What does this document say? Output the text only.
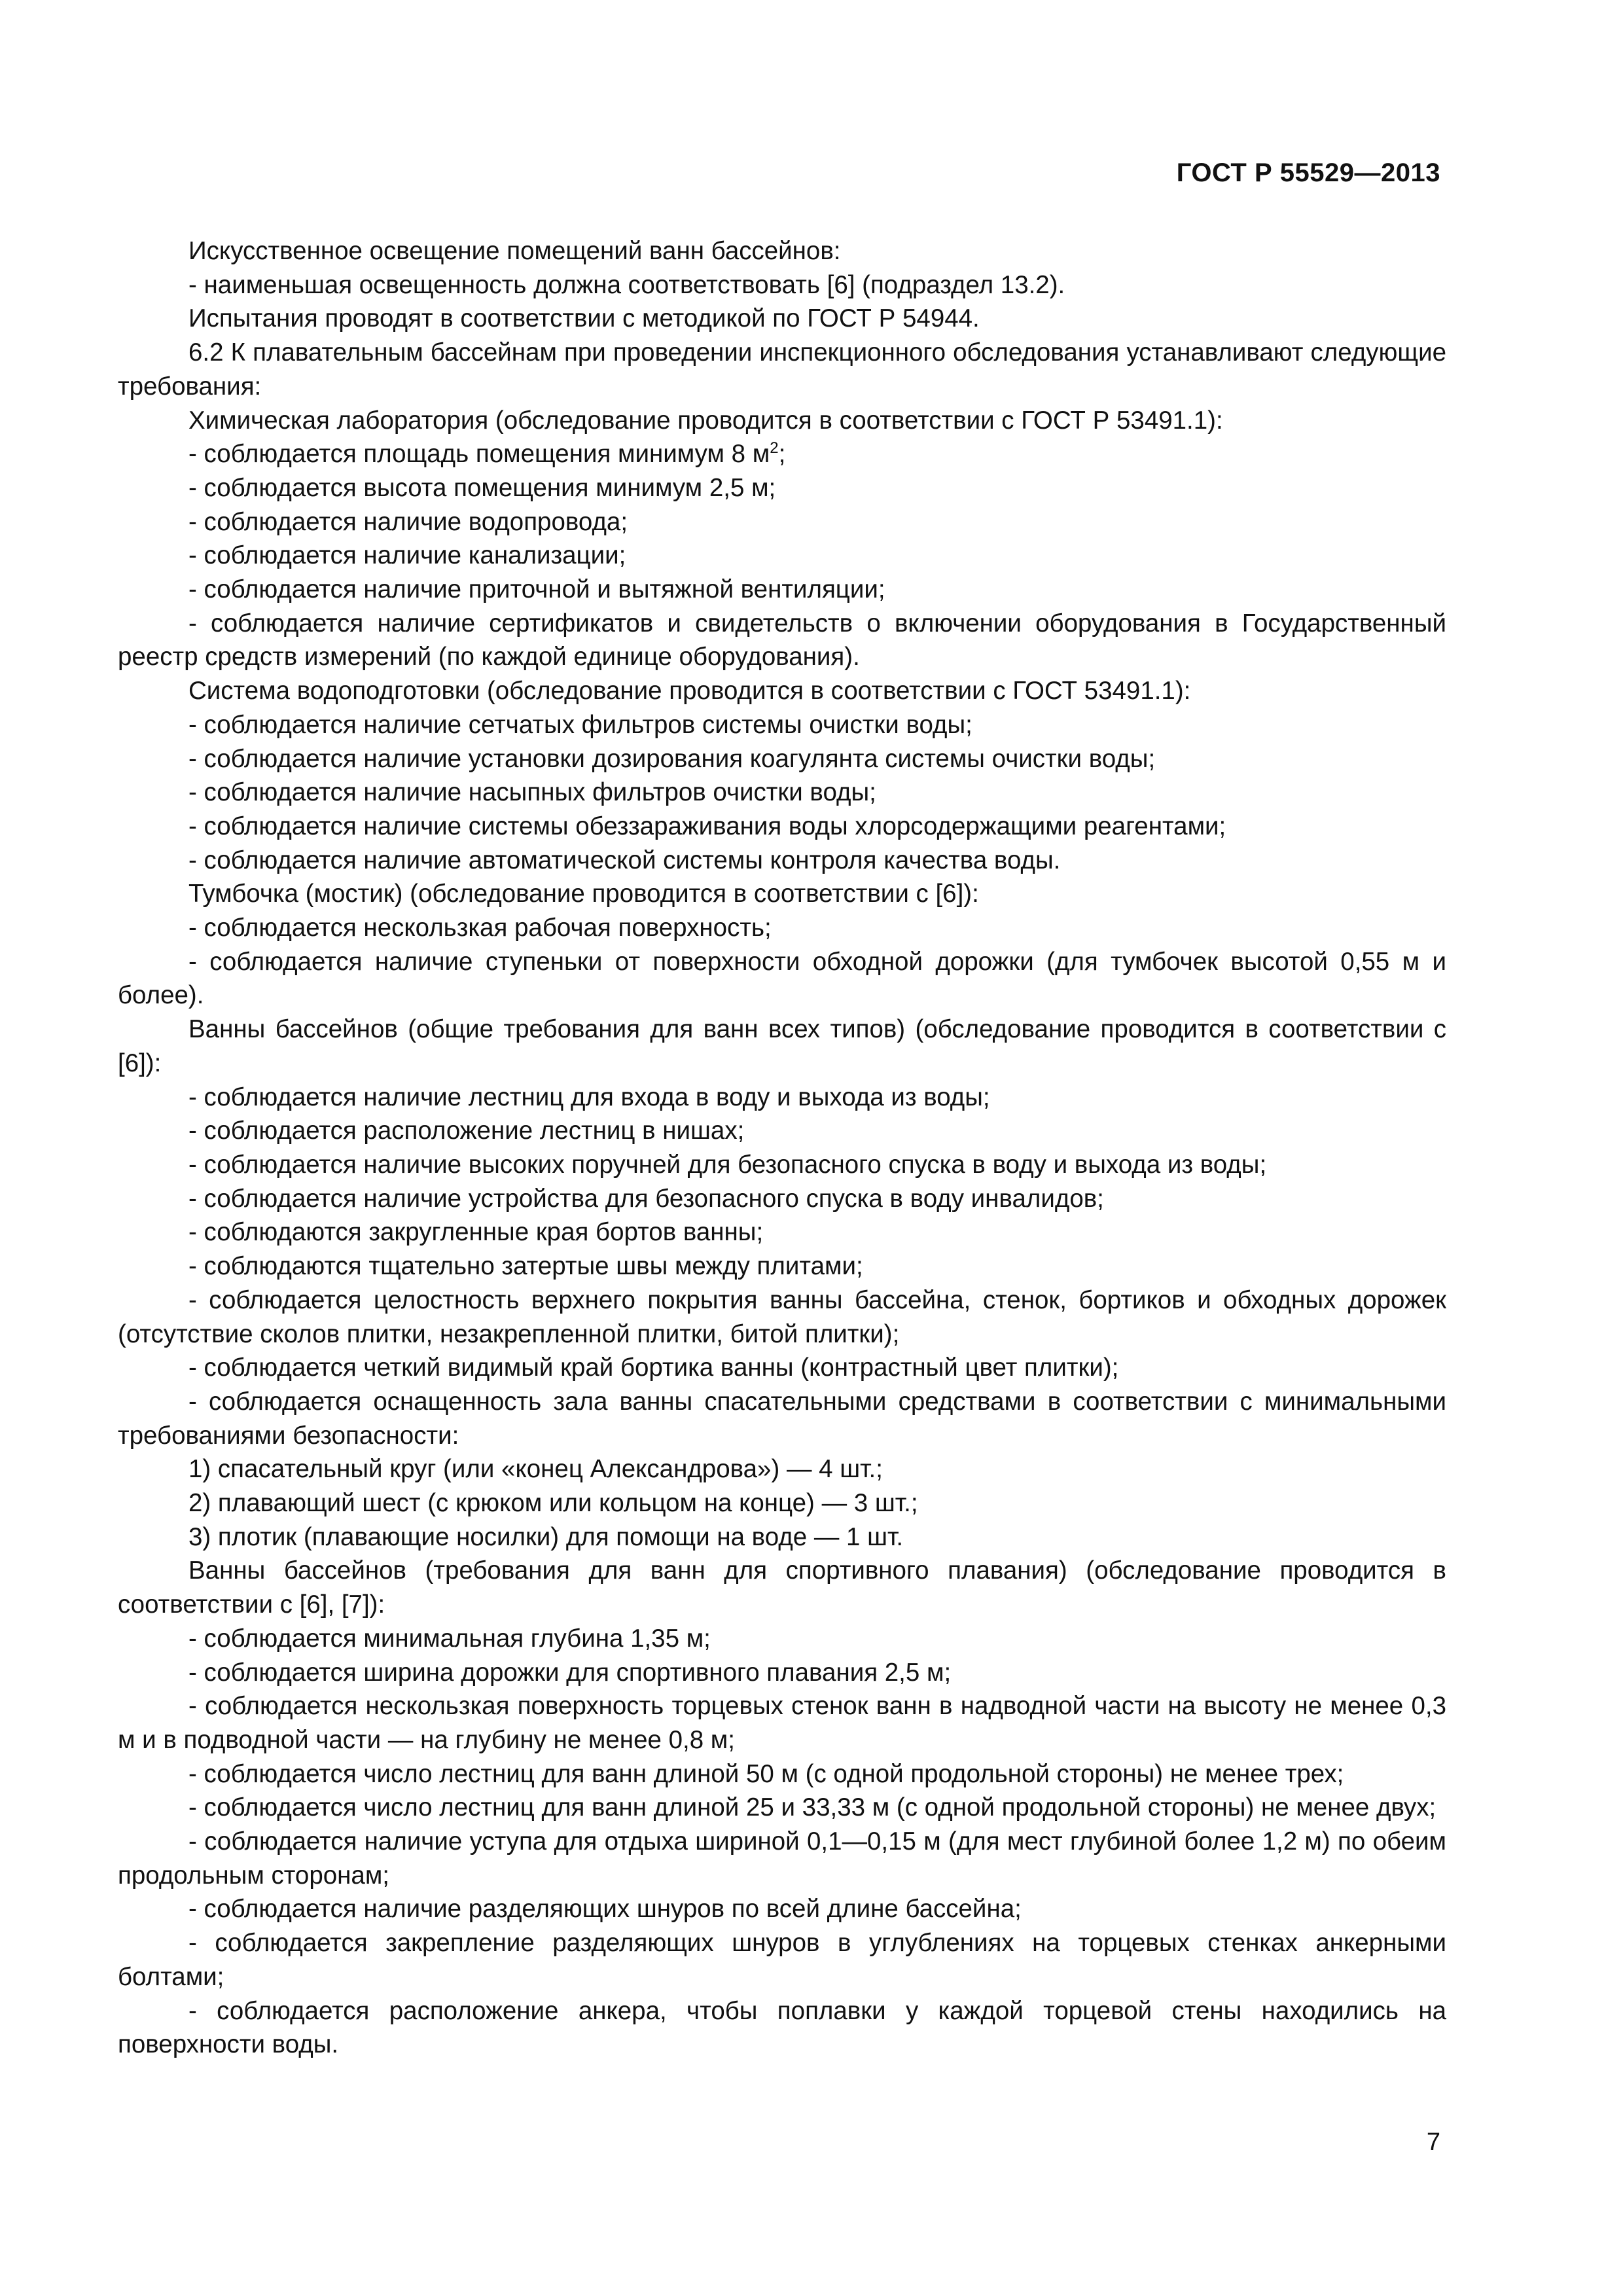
ГОСТ Р 55529—2013

Искусственное освещение помещений ванн бассейнов:

- наименьшая освещенность должна соответствовать [6] (подраздел 13.2).

Испытания проводят в соответствии с методикой по ГОСТ Р 54944.

6.2 К плавательным бассейнам при проведении инспекционного обследования устанавливают следующие требования:

Химическая лаборатория (обследование проводится в соответствии с ГОСТ Р 53491.1):

- соблюдается площадь помещения минимум 8 $м^2$;

- соблюдается высота помещения минимум 2,5 м;

- соблюдается наличие водопровода;

- соблюдается наличие канализации;

- соблюдается наличие приточной и вытяжной вентиляции;

- соблюдается наличие сертификатов и свидетельств о включении оборудования в Государственный реестр средств измерений (по каждой единице оборудования).

Система водоподготовки (обследование проводится в соответствии с ГОСТ 53491.1):

- соблюдается наличие сетчатых фильтров системы очистки воды;

- соблюдается наличие установки дозирования коагулянта системы очистки воды;

- соблюдается наличие насыпных фильтров очистки воды;

- соблюдается наличие системы обеззараживания воды хлорсодержащими реагентами;

- соблюдается наличие автоматической системы контроля качества воды.

Тумбочка (мостик) (обследование проводится в соответствии с [6]):

- соблюдается нескользкая рабочая поверхность;

- соблюдается наличие ступеньки от поверхности обходной дорожки (для тумбочек высотой 0,55 м и более).

Ванны бассейнов (общие требования для ванн всех типов) (обследование проводится в соответствии с [6]):

- соблюдается наличие лестниц для входа в воду и выхода из воды;

- соблюдается расположение лестниц в нишах;

- соблюдается наличие высоких поручней для безопасного спуска в воду и выхода из воды;

- соблюдается наличие устройства для безопасного спуска в воду инвалидов;

- соблюдаются закругленные края бортов ванны;

- соблюдаются тщательно затертые швы между плитами;

- соблюдается целостность верхнего покрытия ванны бассейна, стенок, бортиков и обходных дорожек (отсутствие сколов плитки, незакрепленной плитки, битой плитки);

- соблюдается четкий видимый край бортика ванны (контрастный цвет плитки);

- соблюдается оснащенность зала ванны спасательными средствами в соответствии с минимальными требованиями безопасности:

1) спасательный круг (или «конец Александрова») — 4 шт.;

2) плавающий шест (с крюком или кольцом на конце) — 3 шт.;

3) плотик (плавающие носилки) для помощи на воде — 1 шт.

Ванны бассейнов (требования для ванн для спортивного плавания) (обследование проводится в соответствии с [6], [7]):

- соблюдается минимальная глубина 1,35 м;

- соблюдается ширина дорожки для спортивного плавания 2,5 м;

- соблюдается нескользкая поверхность торцевых стенок ванн в надводной части на высоту не менее 0,3 м и в подводной части — на глубину не менее 0,8 м;

- соблюдается число лестниц для ванн длиной 50 м (с одной продольной стороны) не менее трех;

- соблюдается число лестниц для ванн длиной 25 и 33,33 м (с одной продольной стороны) не менее двух;

- соблюдается наличие уступа для отдыха шириной 0,1—0,15 м (для мест глубиной более 1,2 м) по обеим продольным сторонам;

- соблюдается наличие разделяющих шнуров по всей длине бассейна;

- соблюдается закрепление разделяющих шнуров в углублениях на торцевых стенках анкерными болтами;

- соблюдается расположение анкера, чтобы поплавки у каждой торцевой стены находились на поверхности воды.

7
